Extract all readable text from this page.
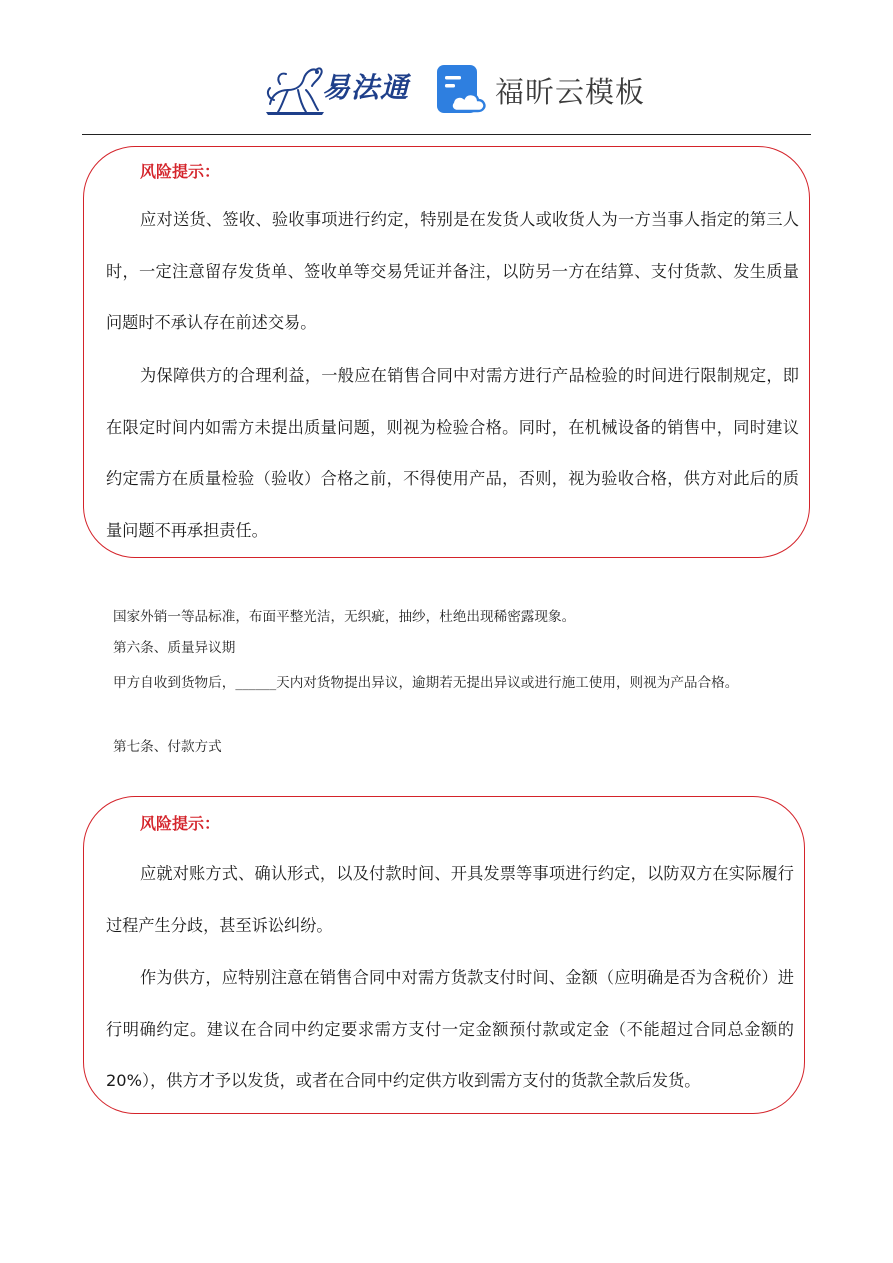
易法通	福昕云模板
风险提示：

应对送货、签收、验收事项进行约定，特别是在发货人或收货人为一方当事人指定的第三人时，一定注意留存发货单、签收单等交易凭证并备注，以防另一方在结算、支付货款、发生质量问题时不承认存在前述交易。

为保障供方的合理利益，一般应在销售合同中对需方进行产品检验的时间进行限制规定，即在限定时间内如需方未提出质量问题，则视为检验合格。同时，在机械设备的销售中，同时建议约定需方在质量检验（验收）合格之前，不得使用产品，否则，视为验收合格，供方对此后的质量问题不再承担责任。

国家外销一等品标准，布面平整光洁，无织疵，抽纱，杜绝出现稀密露现象。

第六条、质量异议期

甲方自收到货物后，______天内对货物提出异议，逾期若无提出异议或进行施工使用，则视为产品合格。

第七条、付款方式

风险提示：

应就对账方式、确认形式，以及付款时间、开具发票等事项进行约定，以防双方在实际履行过程产生分歧，甚至诉讼纠纷。

作为供方，应特别注意在销售合同中对需方货款支付时间、金额（应明确是否为含税价）进行明确约定。建议在合同中约定要求需方支付一定金额预付款或定金（不能超过合同总金额的 20%），供方才予以发货，或者在合同中约定供方收到需方支付的货款全款后发货。
